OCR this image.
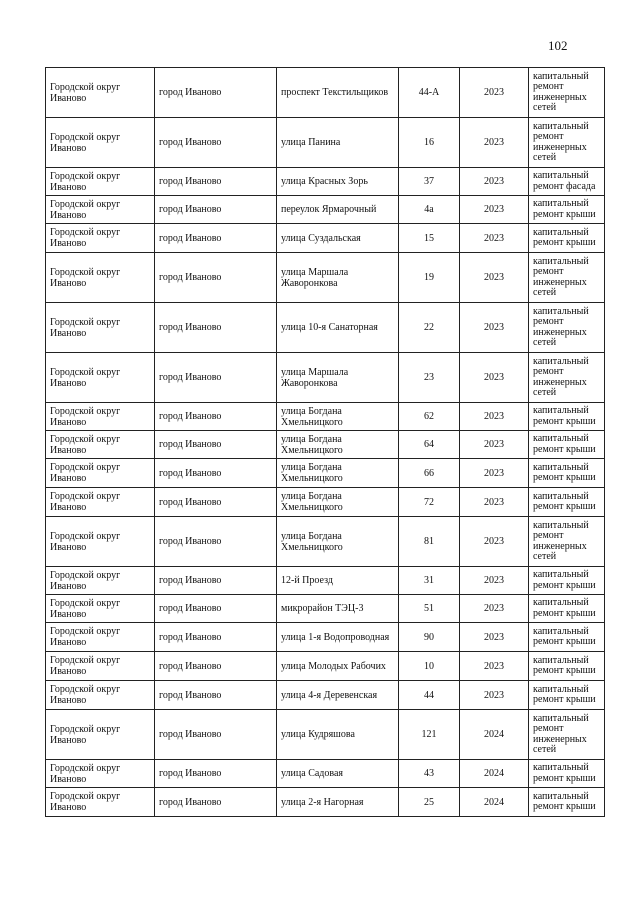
102
Городской округ Иваново	город Иваново	проспект Текстильщиков	44-А	2023	капитальный ремонт инженерных сетей
Городской округ Иваново	город Иваново	улица Панина	16	2023	капитальный ремонт инженерных сетей
Городской округ Иваново	город Иваново	улица Красных Зорь	37	2023	капитальный ремонт фасада
Городской округ Иваново	город Иваново	переулок Ярмарочный	4а	2023	капитальный ремонт крыши
Городской округ Иваново	город Иваново	улица Суздальская	15	2023	капитальный ремонт крыши
Городской округ Иваново	город Иваново	улица Маршала Жаворонкова	19	2023	капитальный ремонт инженерных сетей
Городской округ Иваново	город Иваново	улица 10-я Санаторная	22	2023	капитальный ремонт инженерных сетей
Городской округ Иваново	город Иваново	улица Маршала Жаворонкова	23	2023	капитальный ремонт инженерных сетей
Городской округ Иваново	город Иваново	улица Богдана Хмельницкого	62	2023	капитальный ремонт крыши
Городской округ Иваново	город Иваново	улица Богдана Хмельницкого	64	2023	капитальный ремонт крыши
Городской округ Иваново	город Иваново	улица Богдана Хмельницкого	66	2023	капитальный ремонт крыши
Городской округ Иваново	город Иваново	улица Богдана Хмельницкого	72	2023	капитальный ремонт крыши
Городской округ Иваново	город Иваново	улица Богдана Хмельницкого	81	2023	капитальный ремонт инженерных сетей
Городской округ Иваново	город Иваново	12-й Проезд	31	2023	капитальный ремонт крыши
Городской округ Иваново	город Иваново	микрорайон ТЭЦ-3	51	2023	капитальный ремонт крыши
Городской округ Иваново	город Иваново	улица 1-я Водопроводная	90	2023	капитальный ремонт крыши
Городской округ Иваново	город Иваново	улица Молодых Рабочих	10	2023	капитальный ремонт крыши
Городской округ Иваново	город Иваново	улица 4-я Деревенская	44	2023	капитальный ремонт крыши
Городской округ Иваново	город Иваново	улица Кудряшова	121	2024	капитальный ремонт инженерных сетей
Городской округ Иваново	город Иваново	улица Садовая	43	2024	капитальный ремонт крыши
Городской округ Иваново	город Иваново	улица 2-я Нагорная	25	2024	капитальный ремонт крыши
